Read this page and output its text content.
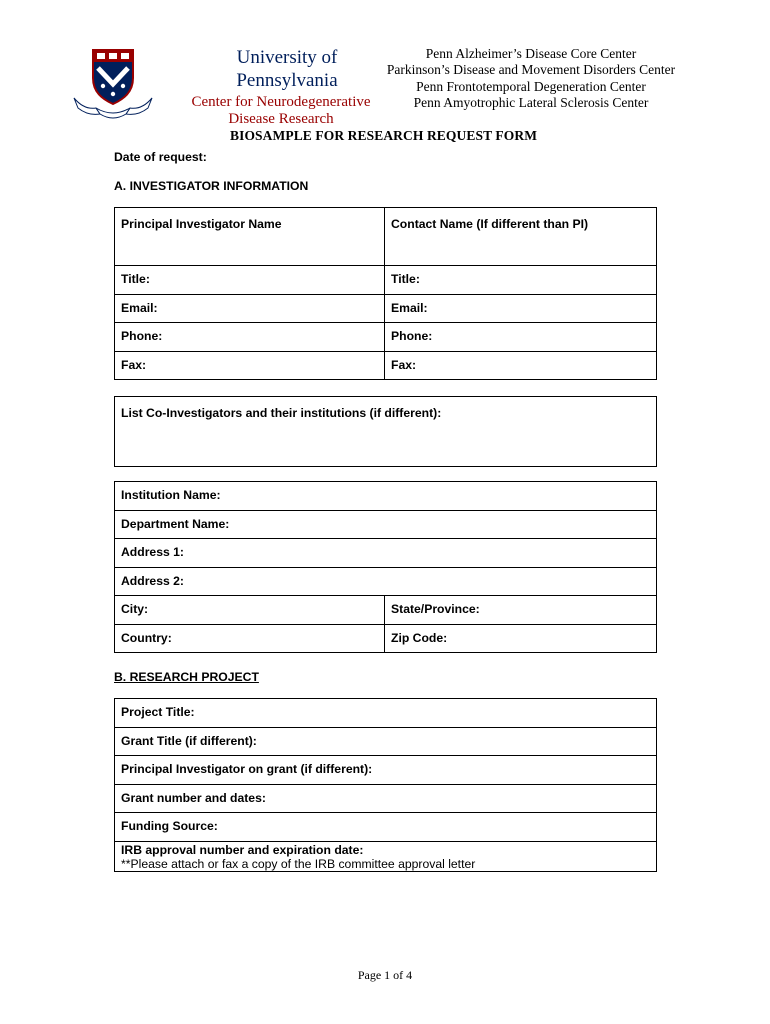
University of
Pennsylvania
Center for Neurodegenerative
Disease Research
Penn Alzheimer’s Disease Core Center
Parkinson’s Disease and Movement Disorders Center
Penn Frontotemporal Degeneration Center
Penn Amyotrophic Lateral Sclerosis Center
BIOSAMPLE FOR RESEARCH REQUEST FORM
Date of request:
A. INVESTIGATOR INFORMATION
Principal Investigator Name	Contact Name (If different than PI)

Title:	Title:

Email:	Email:

Phone:	Phone:

Fax:	Fax:
List Co-Investigators and their institutions (if different):
Institution Name:	

Department Name:	

Address 1:	

Address 2:	

City:	State/Province:

Country:	Zip Code:
B. RESEARCH PROJECT
Project Title:

Grant Title (if different):

Principal Investigator on grant (if different):

Grant number and dates:

Funding Source:

IRB approval number and expiration date:
**Please attach or fax a copy of the IRB committee approval letter
Page 1 of 4
